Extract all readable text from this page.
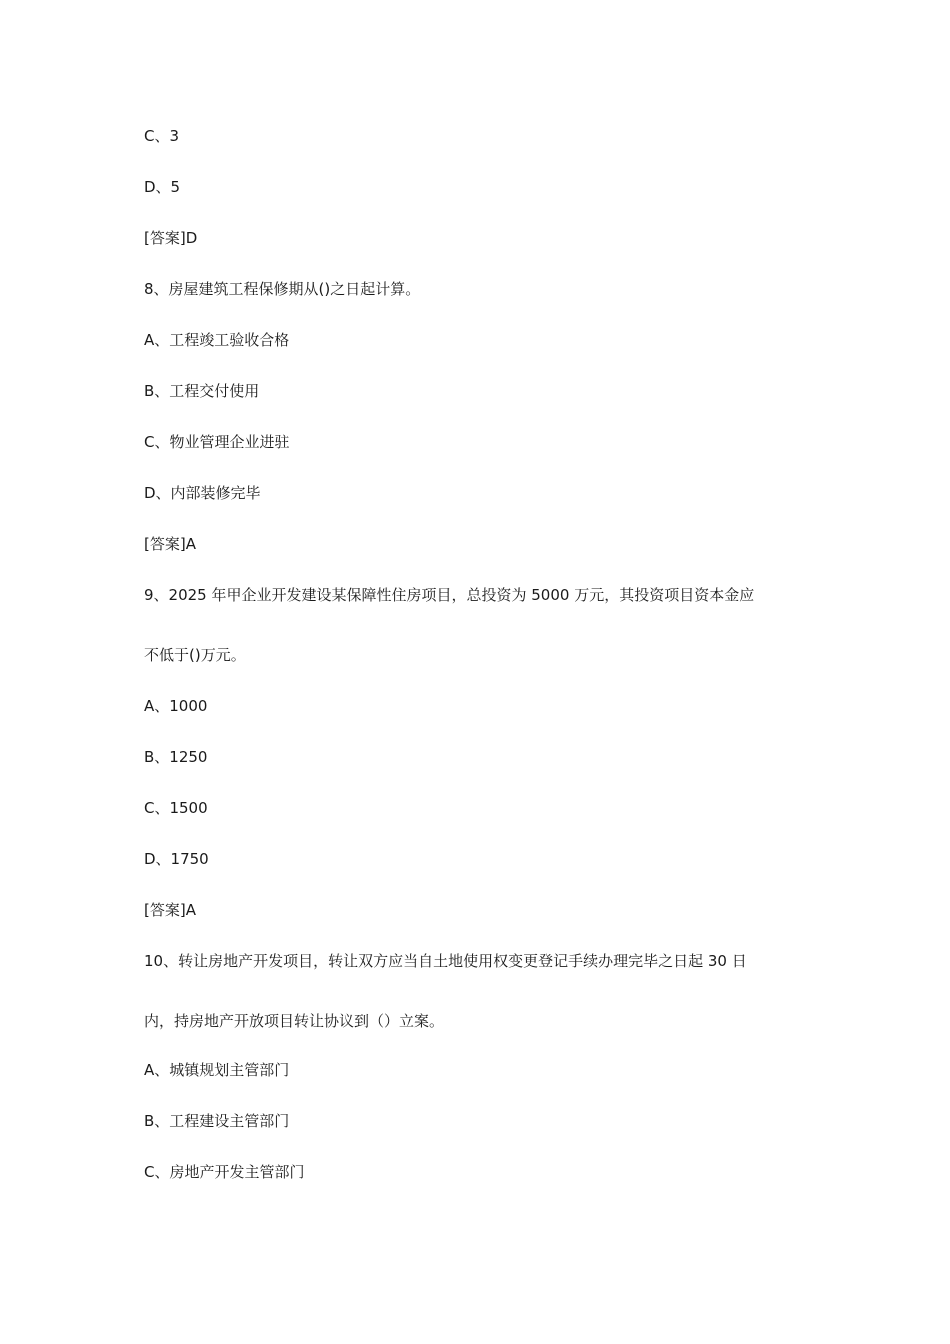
C、3
D、5
[答案]D
8、房屋建筑工程保修期从()之日起计算。
A、工程竣工验收合格
B、工程交付使用
C、物业管理企业进驻
D、内部装修完毕
[答案]A
9、2025 年甲企业开发建设某保障性住房项目，总投资为 5000 万元，其投资项目资本金应
不低于()万元。
A、1000
B、1250
C、1500
D、1750
[答案]A
10、转让房地产开发项目，转让双方应当自土地使用权变更登记手续办理完毕之日起 30 日
内，持房地产开放项目转让协议到（）立案。
A、城镇规划主管部门
B、工程建设主管部门
C、房地产开发主管部门
